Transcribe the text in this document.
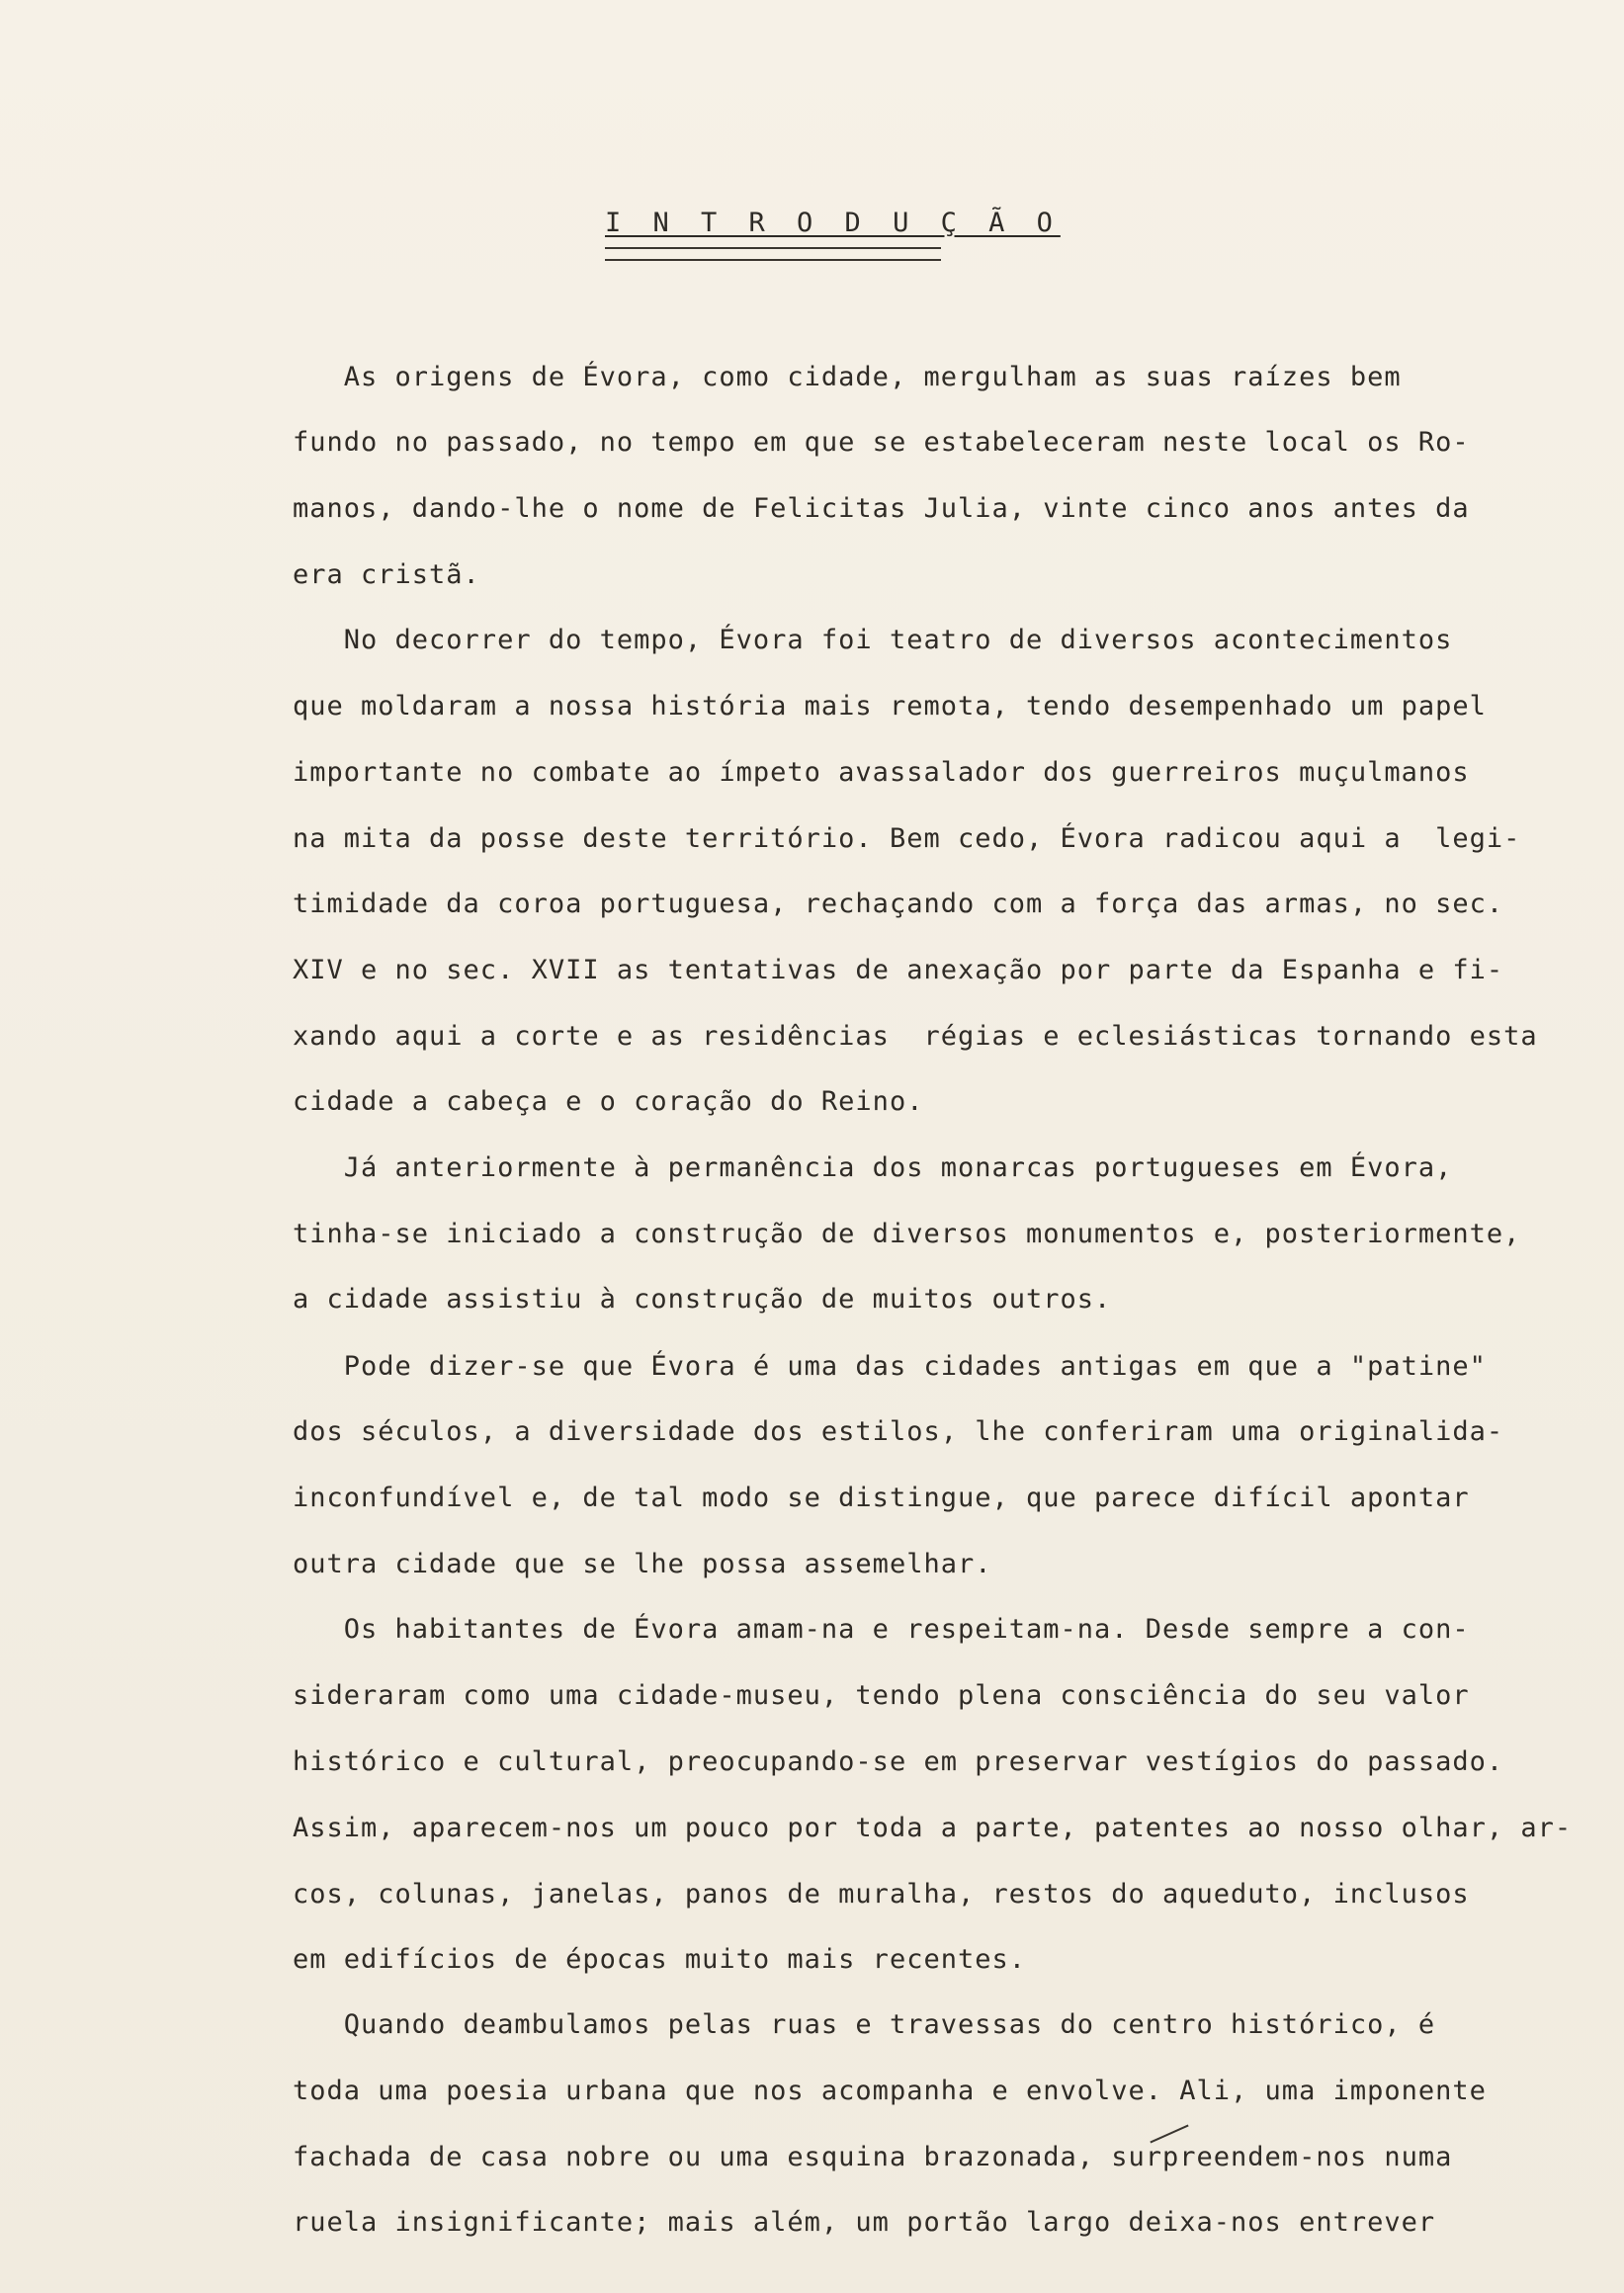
I N T R O D U Ç Ã O
As origens de Évora, como cidade, mergulham as suas raízes bem
fundo no passado, no tempo em que se estabeleceram neste local os Ro-
manos, dando-lhe o nome de Felicitas Julia, vinte cinco anos antes da
era cristã.
No decorrer do tempo, Évora foi teatro de diversos acontecimentos
que moldaram a nossa história mais remota, tendo desempenhado um papel
importante no combate ao ímpeto avassalador dos guerreiros muçulmanos
na mita da posse deste território. Bem cedo, Évora radicou aqui a  legi-
timidade da coroa portuguesa, rechaçando com a força das armas, no sec.
XIV e no sec. XVII as tentativas de anexação por parte da Espanha e fi-
xando aqui a corte e as residências  régias e eclesiásticas tornando esta
cidade a cabeça e o coração do Reino.
Já anteriormente à permanência dos monarcas portugueses em Évora,
tinha-se iniciado a construção de diversos monumentos e, posteriormente,
a cidade assistiu à construção de muitos outros.
Pode dizer-se que Évora é uma das cidades antigas em que a "patine"
dos séculos, a diversidade dos estilos, lhe conferiram uma originalida-
inconfundível e, de tal modo se distingue, que parece difícil apontar
outra cidade que se lhe possa assemelhar.
Os habitantes de Évora amam-na e respeitam-na. Desde sempre a con-
sideraram como uma cidade-museu, tendo plena consciência do seu valor
histórico e cultural, preocupando-se em preservar vestígios do passado.
Assim, aparecem-nos um pouco por toda a parte, patentes ao nosso olhar, ar-
cos, colunas, janelas, panos de muralha, restos do aqueduto, inclusos
em edifícios de épocas muito mais recentes.
Quando deambulamos pelas ruas e travessas do centro histórico, é
toda uma poesia urbana que nos acompanha e envolve. Ali, uma imponente
fachada de casa nobre ou uma esquina brazonada, surpreendem-nos numa
ruela insignificante; mais além, um portão largo deixa-nos entrever
